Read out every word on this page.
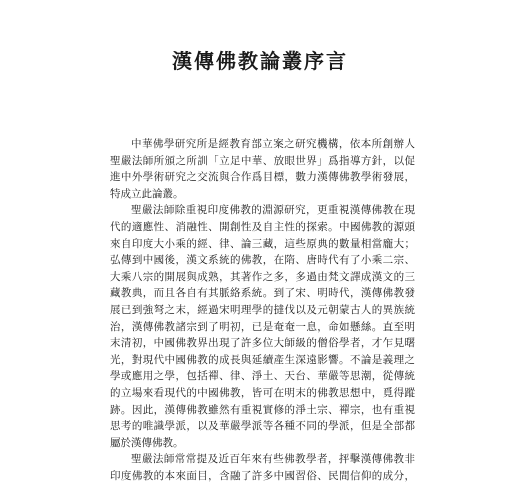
漢傳佛教論叢序言

中華佛學研究所是經教育部立案之研究機構，依本所創辦人
聖嚴法師所頒之所訓「立足中華、放眼世界」爲指導方針，以促
進中外學術研究之交流與合作爲目標，數力漢傳佛教學術發展，
特成立此論叢。

聖嚴法師除重視印度佛教的淵源研究，更重視漢傳佛教在現
代的適應性、消融性、開創性及自主性的探索。中國佛教的源頭
來自印度大小乘的經、律、論三藏，這些原典的數量相當龐大；
弘傳到中國後，漢文系統的佛教，在隋、唐時代有了小乘二宗、
大乘八宗的開展與成熟，其著作之多，多過由梵文譯成漢文的三
藏教典，而且各自有其脈絡系統。到了宋、明時代，漢傳佛教發
展已到強弩之末，經過宋明理學的撻伐以及元朝蒙古人的異族統
治，漢傳佛教諸宗到了明初，已是奄奄一息，命如懸絲。直至明
末清初，中國佛教界出現了許多位大師級的僧俗學者，才乍見曙
光，對現代中國佛教的成長與延續產生深遠影響。不論是義理之
學或應用之學，包括禪、律、淨土、天台、華嚴等思潮，從傳統
的立場來看現代的中國佛教，皆可在明末的佛教思想中，覓得蹤
跡。因此，漢傳佛教雖然有重視實修的淨土宗、禪宗，也有重視
思考的唯識學派，以及華嚴學派等各種不同的學派，但是全部都
屬於漢傳佛教。

聖嚴法師常常提及近百年來有些佛教學者，抨擊漢傳佛教非
印度佛教的本來面目，含融了許多中國習俗、民間信仰的成分，
